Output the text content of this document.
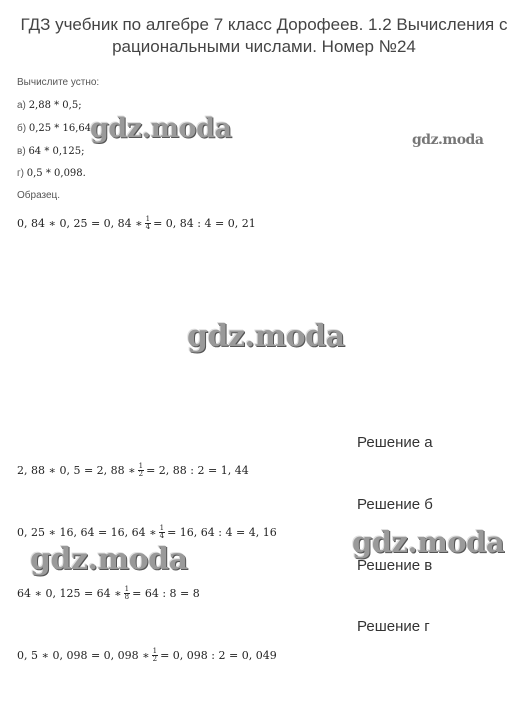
ГДЗ учебник по алгебре 7 класс Дорофеев. 1.2 Вычисления с
рациональными числами. Номер №24
Вычислите устно:
а) 2,88 * 0,5;
б) 0,25 * 16,64;
в) 64 * 0,125;
г) 0,5 * 0,098.
Образец.
0, 84 ∗ 0, 25 = 0, 84 ∗ $\frac{1}{4} = 0$, 84 : 4 = 0, 21
Решение а
2, 88 ∗ 0, 5 = 2, 88 ∗ $\frac{1}{2} = 2$, 88 : 2 = 1, 44
Решение б
0, 25 ∗ 16, 64 = 16, 64 ∗ $\frac{1}{4} = 16$, 64 : 4 = 4, 16
Решение в
64 ∗ 0, 125 = 64 ∗ $\frac{1}{8} = 64$ : 8 = 8
Решение г
0, 5 ∗ 0, 098 = 0, 098 ∗ $\frac{1}{2} = 0$, 098 : 2 = 0, 049
gdz.moda	gdz.moda
gdz.moda
gdz.moda
gdz.moda
